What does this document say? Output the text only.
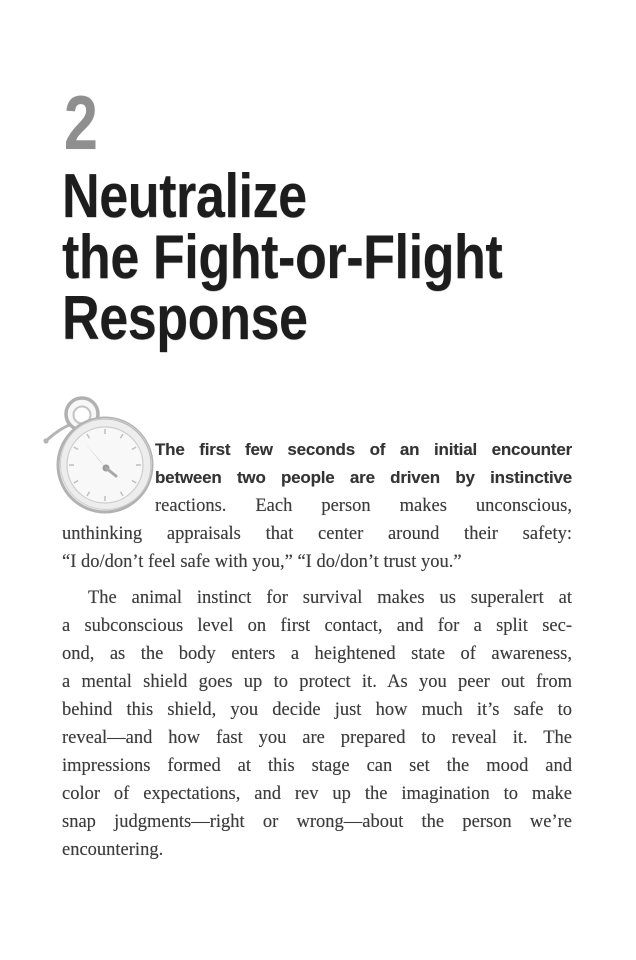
2
Neutralize
the Fight-or-Flight
Response
The first few seconds of an initial encounter
between two people are driven by instinctive
reactions. Each person makes unconscious,
unthinking appraisals that center around their safety:
“I do/don’t feel safe with you,” “I do/don’t trust you.”
The animal instinct for survival makes us superalert at
a subconscious level on first contact, and for a split sec-
ond, as the body enters a heightened state of awareness,
a mental shield goes up to protect it. As you peer out from
behind this shield, you decide just how much it’s safe to
reveal—and how fast you are prepared to reveal it. The
impressions formed at this stage can set the mood and
color of expectations, and rev up the imagination to make
snap judgments—right or wrong—about the person we’re
encountering.
